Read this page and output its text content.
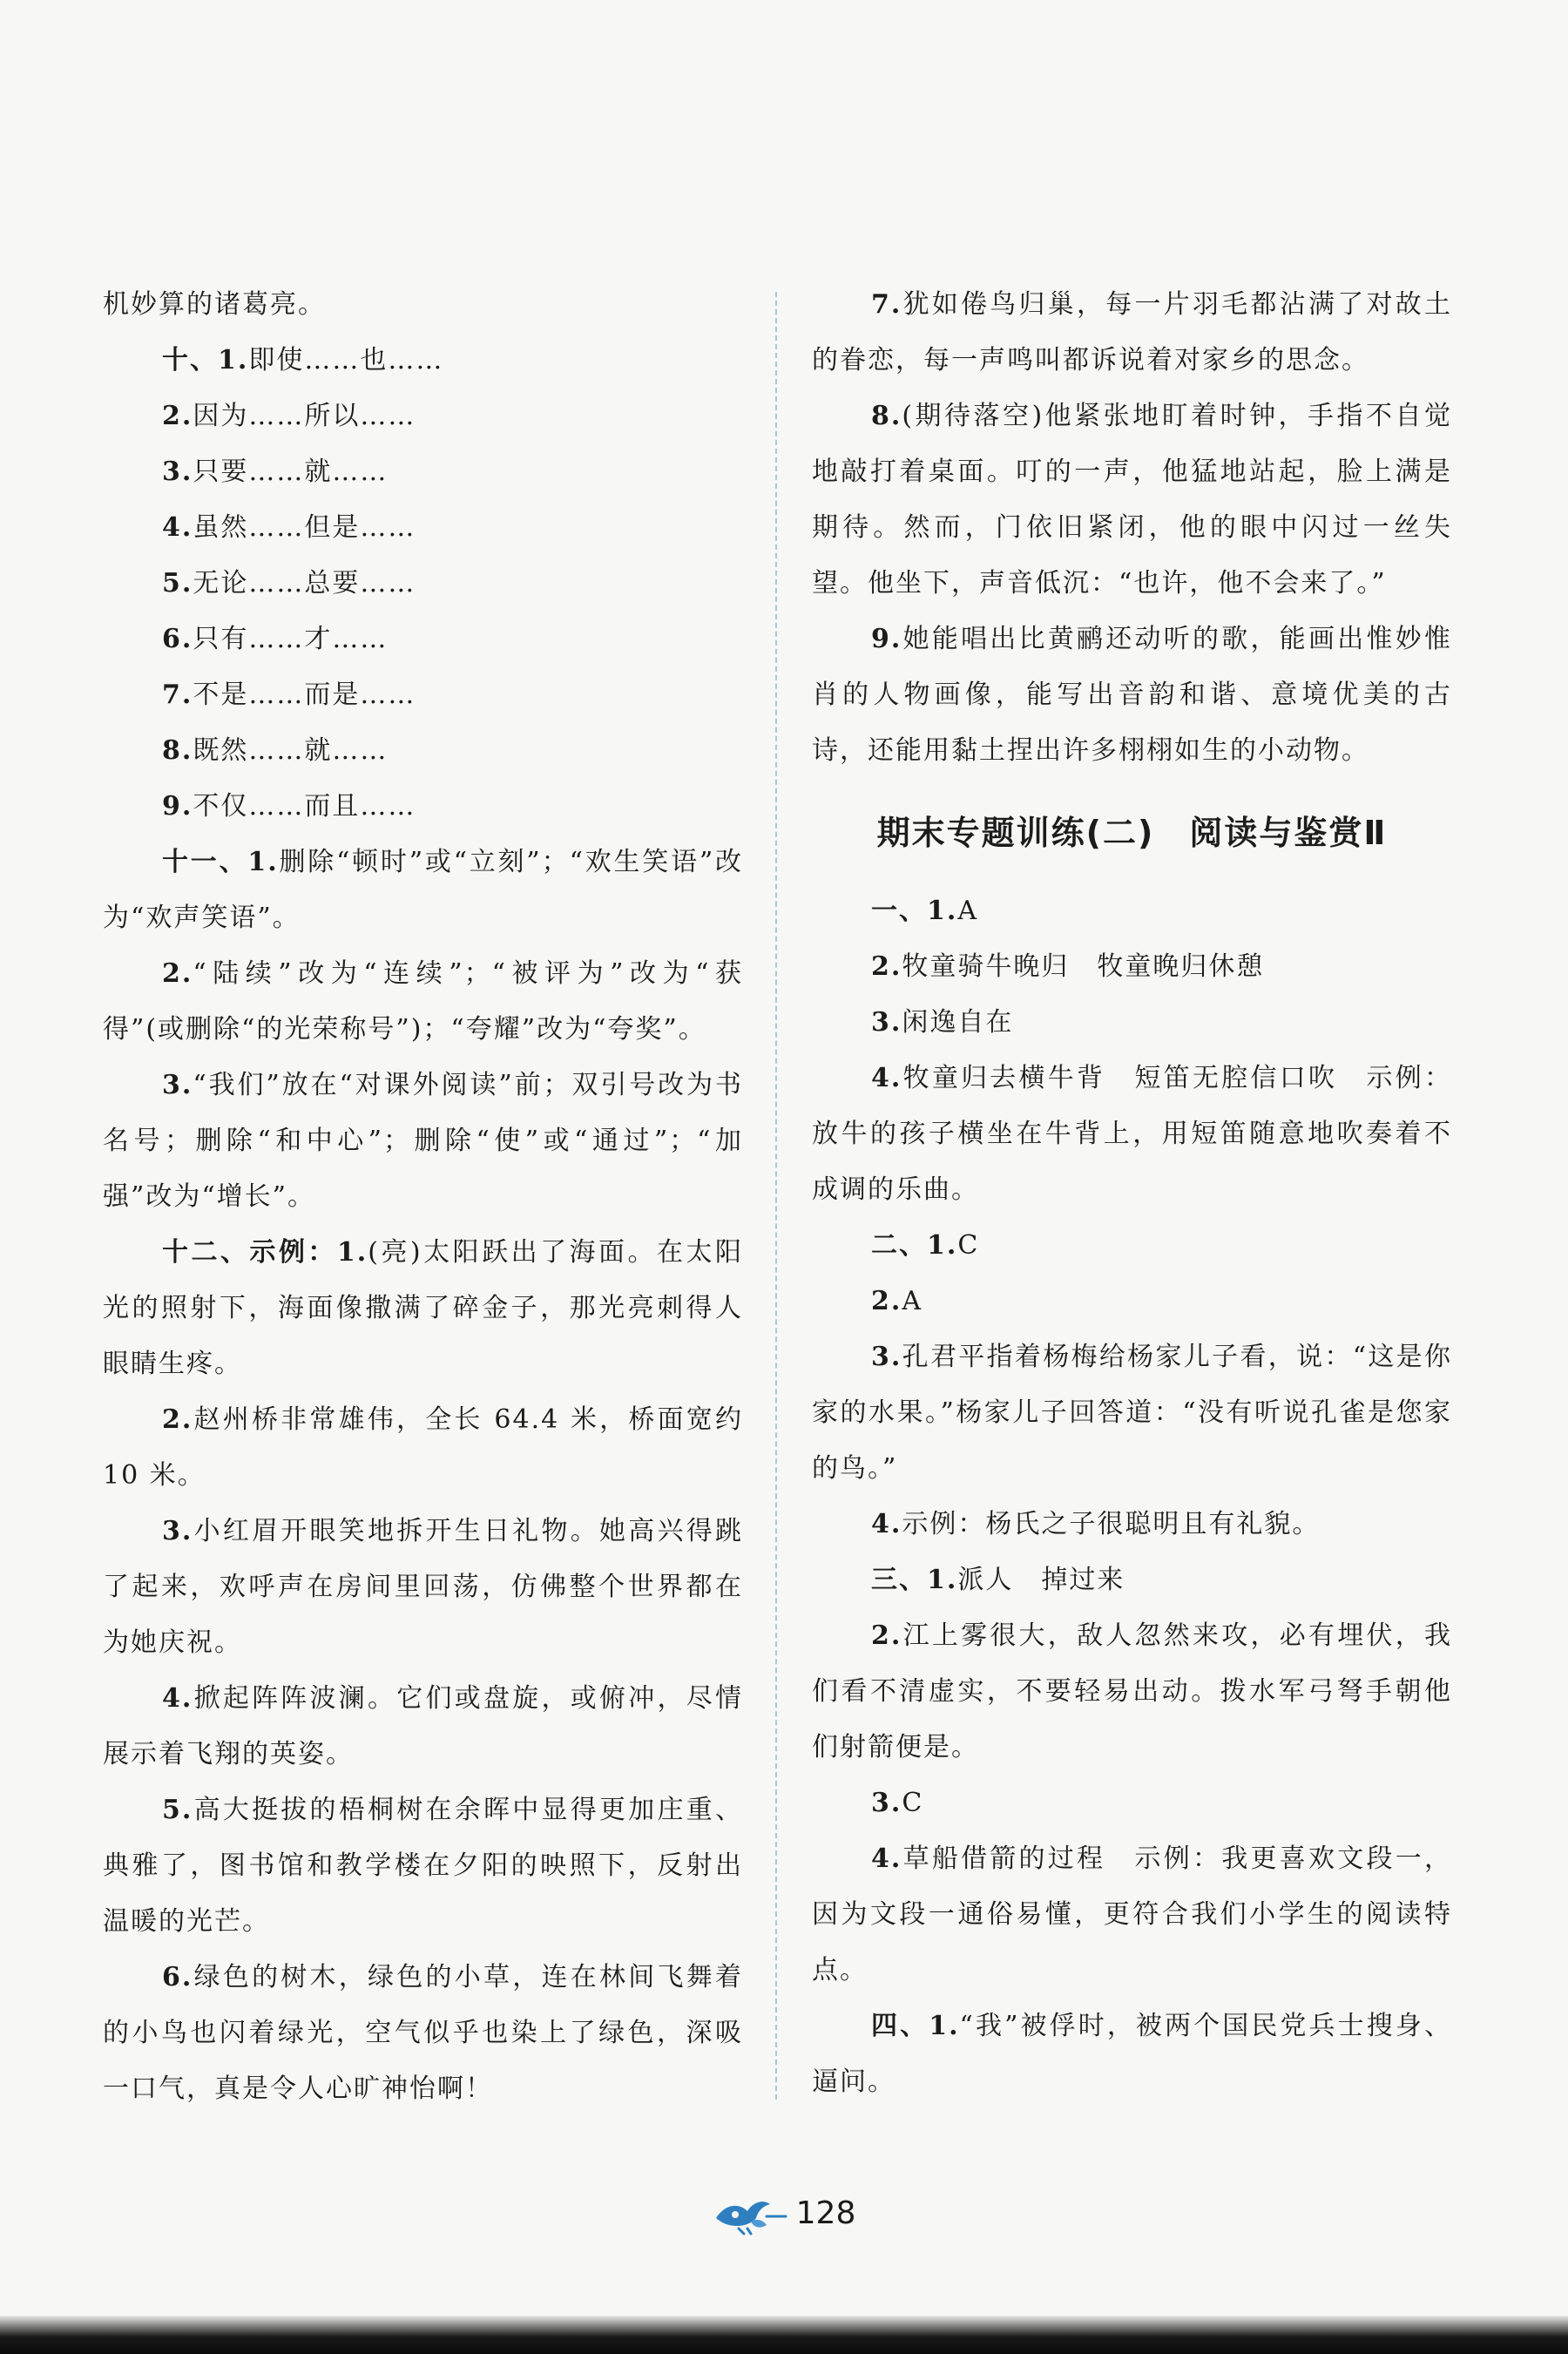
机妙算的诸葛亮。

十、1.即使……也……

2.因为……所以……

3.只要……就……

4.虽然……但是……

5.无论……总要……

6.只有……才……

7.不是……而是……

8.既然……就……

9.不仅……而且……

十一、1.删除“顿时”或“立刻”；“欢生笑语”改为“欢声笑语”。

2.“陆续”改为“连续”；“被评为”改为“获得”(或删除“的光荣称号”)；“夸耀”改为“夸奖”。

3.“我们”放在“对课外阅读”前；双引号改为书名号；删除“和中心”；删除“使”或“通过”；“加强”改为“增长”。

十二、示例：1.(亮)太阳跃出了海面。在太阳光的照射下，海面像撒满了碎金子，那光亮刺得人眼睛生疼。

2.赵州桥非常雄伟，全长 64.4 米，桥面宽约 10 米。

3.小红眉开眼笑地拆开生日礼物。她高兴得跳了起来，欢呼声在房间里回荡，仿佛整个世界都在为她庆祝。

4.掀起阵阵波澜。它们或盘旋，或俯冲，尽情展示着飞翔的英姿。

5.高大挺拔的梧桐树在余晖中显得更加庄重、典雅了，图书馆和教学楼在夕阳的映照下，反射出温暖的光芒。

6.绿色的树木，绿色的小草，连在林间飞舞着的小鸟也闪着绿光，空气似乎也染上了绿色，深吸一口气，真是令人心旷神怡啊！

7.犹如倦鸟归巢，每一片羽毛都沾满了对故土的眷恋，每一声鸣叫都诉说着对家乡的思念。

8.(期待落空)他紧张地盯着时钟，手指不自觉地敲打着桌面。叮的一声，他猛地站起，脸上满是期待。然而，门依旧紧闭，他的眼中闪过一丝失望。他坐下，声音低沉：“也许，他不会来了。”

9.她能唱出比黄鹂还动听的歌，能画出惟妙惟肖的人物画像，能写出音韵和谐、意境优美的古诗，还能用黏土捏出许多栩栩如生的小动物。

期末专题训练(二)　阅读与鉴赏Ⅱ

一、1.A

2.牧童骑牛晚归　牧童晚归休憩

3.闲逸自在

4.牧童归去横牛背　短笛无腔信口吹　示例：放牛的孩子横坐在牛背上，用短笛随意地吹奏着不成调的乐曲。

二、1.C

2.A

3.孔君平指着杨梅给杨家儿子看，说：“这是你家的水果。”杨家儿子回答道：“没有听说孔雀是您家的鸟。”

4.示例：杨氏之子很聪明且有礼貌。

三、1.派人　掉过来

2.江上雾很大，敌人忽然来攻，必有埋伏，我们看不清虚实，不要轻易出动。拨水军弓弩手朝他们射箭便是。

3.C

4.草船借箭的过程　示例：我更喜欢文段一，因为文段一通俗易懂，更符合我们小学生的阅读特点。

四、1.“我”被俘时，被两个国民党兵士搜身、逼问。

128
